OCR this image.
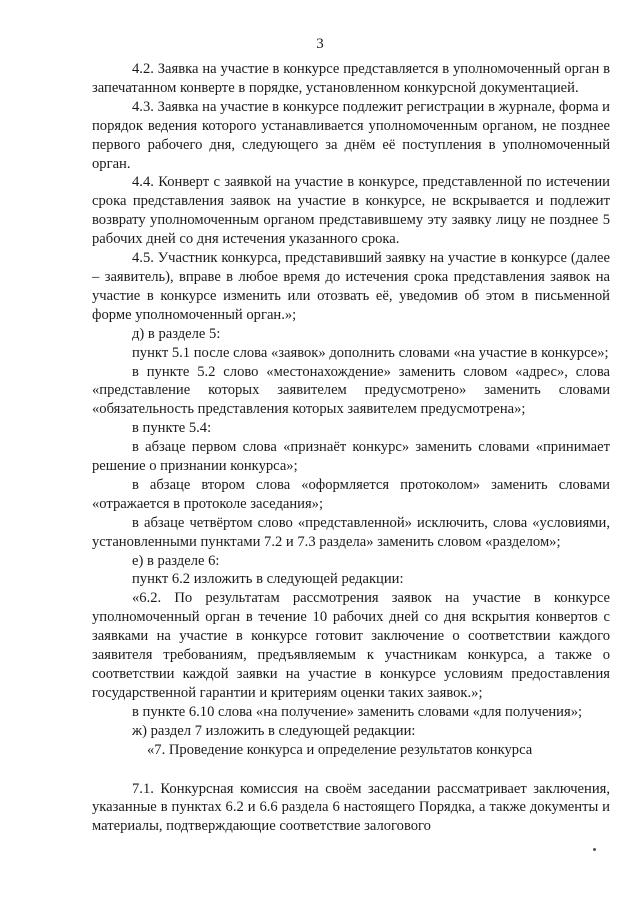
3

4.2. Заявка на участие в конкурсе представляется в уполномоченный орган в запечатанном конверте в порядке, установленном конкурсной документацией.

4.3. Заявка на участие в конкурсе подлежит регистрации в журнале, форма и порядок ведения которого устанавливается уполномоченным органом, не позднее первого рабочего дня, следующего за днём её поступления в уполномоченный орган.

4.4. Конверт с заявкой на участие в конкурсе, представленной по истечении срока представления заявок на участие в конкурсе, не вскрывается и подлежит возврату уполномоченным органом представившему эту заявку лицу не позднее 5 рабочих дней со дня истечения указанного срока.

4.5. Участник конкурса, представивший заявку на участие в конкурсе (далее – заявитель), вправе в любое время до истечения срока представления заявок на участие в конкурсе изменить или отозвать её, уведомив об этом в письменной форме уполномоченный орган.»;

д) в разделе 5:

пункт 5.1 после слова «заявок» дополнить словами «на участие в конкурсе»;

в пункте 5.2 слово «местонахождение» заменить словом «адрес», слова «представление которых заявителем предусмотрено» заменить словами «обязательность представления которых заявителем предусмотрена»;

в пункте 5.4:

в абзаце первом слова «признаёт конкурс» заменить словами «принимает решение о признании конкурса»;

в абзаце втором слова «оформляется протоколом» заменить словами «отражается в протоколе заседания»;

в абзаце четвёртом слово «представленной» исключить, слова «условиями, установленными пунктами 7.2 и 7.3 раздела» заменить словом «разделом»;

е) в разделе 6:

пункт 6.2 изложить в следующей редакции:

«6.2. По результатам рассмотрения заявок на участие в конкурсе уполномоченный орган в течение 10 рабочих дней со дня вскрытия конвертов с заявками на участие в конкурсе готовит заключение о соответствии каждого заявителя требованиям, предъявляемым к участникам конкурса, а также о соответствии каждой заявки на участие в конкурсе условиям предоставления государственной гарантии и критериям оценки таких заявок.»;

в пункте 6.10 слова «на получение» заменить словами «для получения»;

ж) раздел 7 изложить в следующей редакции:

«7. Проведение конкурса и определение результатов конкурса

7.1. Конкурсная комиссия на своём заседании рассматривает заключения, указанные в пунктах 6.2 и 6.6 раздела 6 настоящего Порядка, а также документы и материалы, подтверждающие соответствие залогового
